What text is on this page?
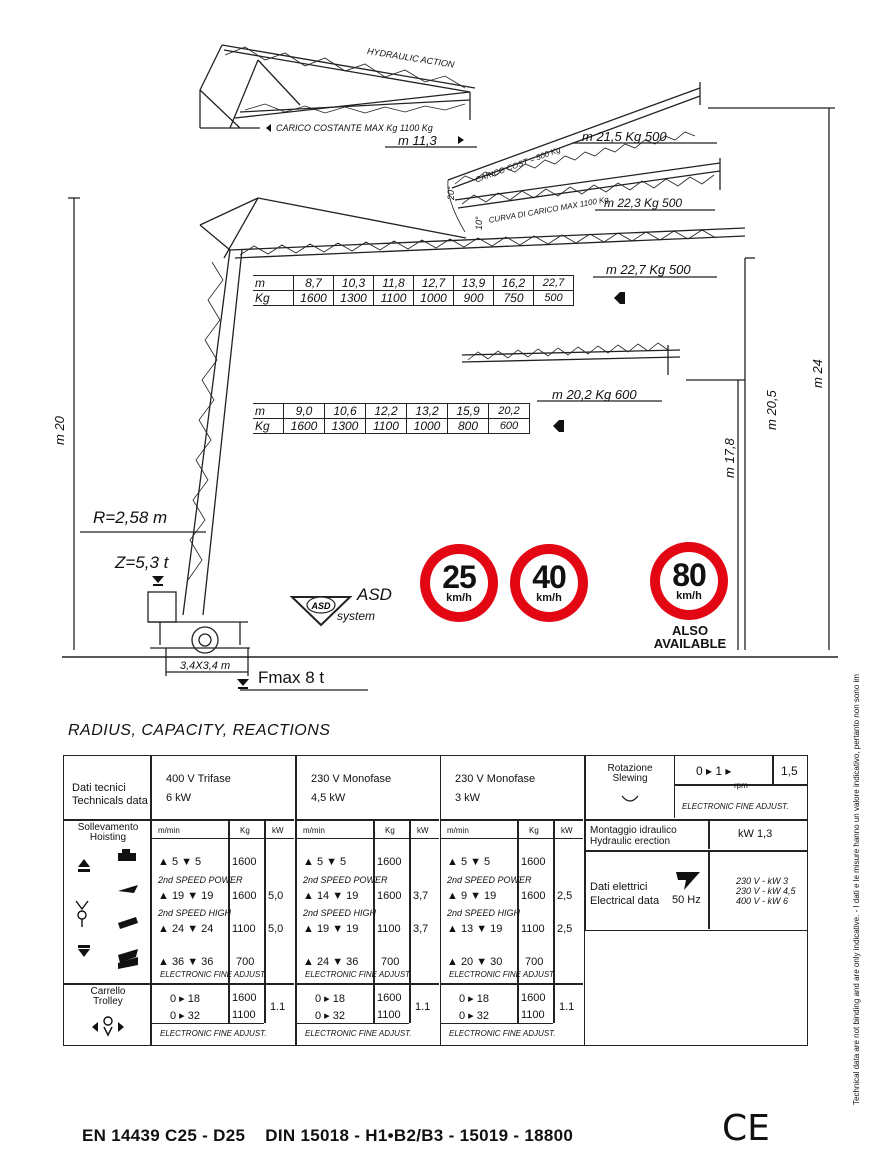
ASD
HYDRAULIC ACTION
CARICO COSTANTE MAX Kg 1100 Kg
m 11,3	m 21,5 Kg 500
CARICO COST = 500 Kg
CURVA DI CARICO MAX 1100 Kg
20°
10°
m 22,3 Kg 500
m 22,7 Kg 500
m 20,2 Kg 600
m 20
m 24
m 20,5
m 17,8
R=2,58 m
Z=5,3 t
3,4X3,4 m
Fmax 8 t
ASD
system
m	8,7	10,3	11,8	12,7	13,9	16,2	22,7
Kg	1600	1300	1100	1000	900	750	500
m	9,0	10,6	12,2	13,2	15,9	20,2
Kg	1600	1300	1100	1000	800	600
25
km/h
40
km/h
80
km/h
ALSO
AVAILABLE
RADIUS, CAPACITY, REACTIONS
Dati tecnici
Technicals data
Sollevamento
Hoisting
Carrello
Trolley
400 V Trifase
6 kW
m/min	Kg	kW
▲ 5 ▼ 5	1600
2nd SPEED POWER
▲ 19 ▼ 19 1600 5,0
2nd SPEED HIGH
▲ 24 ▼ 24 1100 5,0
▲ 36 ▼ 36 700
ELECTRONIC FINE ADJUST.
0 ▸ 18	1600
0 ▸ 32	1100
1.1
ELECTRONIC FINE ADJUST.
230 V Monofase
4,5 kW
m/min	Kg	kW
▲ 5 ▼ 5	1600
2nd SPEED POWER
▲ 14 ▼ 19 1600 3,7
2nd SPEED HIGH
▲ 19 ▼ 19 1100 3,7
▲ 24 ▼ 36 700
ELECTRONIC FINE ADJUST.
0 ▸ 18	1600
0 ▸ 32	1100
1.1
ELECTRONIC FINE ADJUST.
230 V Monofase
3 kW
m/min	Kg	kW
▲ 5 ▼ 5	1600
2nd SPEED POWER
▲ 9 ▼ 19 1600 2,5
2nd SPEED HIGH
▲ 13 ▼ 19 1100 2,5
▲ 20 ▼ 30 700
ELECTRONIC FINE ADJUST.
0 ▸ 18	1600
0 ▸ 32	1100
1.1
ELECTRONIC FINE ADJUST.
Rotazione
Slewing
0 ▸ 1 ▸	1,5
rpm
ELECTRONIC FINE ADJUST.
Montaggio idraulico
Hydraulic erection
kW 1,3
Dati elettrici
Electrical data 50 Hz
230 V - kW 3
230 V - kW 4,5
400 V - kW 6
EN 14439 C25 - D25    DIN 15018 - H1•B2/B3 - 15019 - 18800	CE
Technical data are not binding and are only indicative. - I dati e le misure hanno un valore indicativo, pertanto non sono im
